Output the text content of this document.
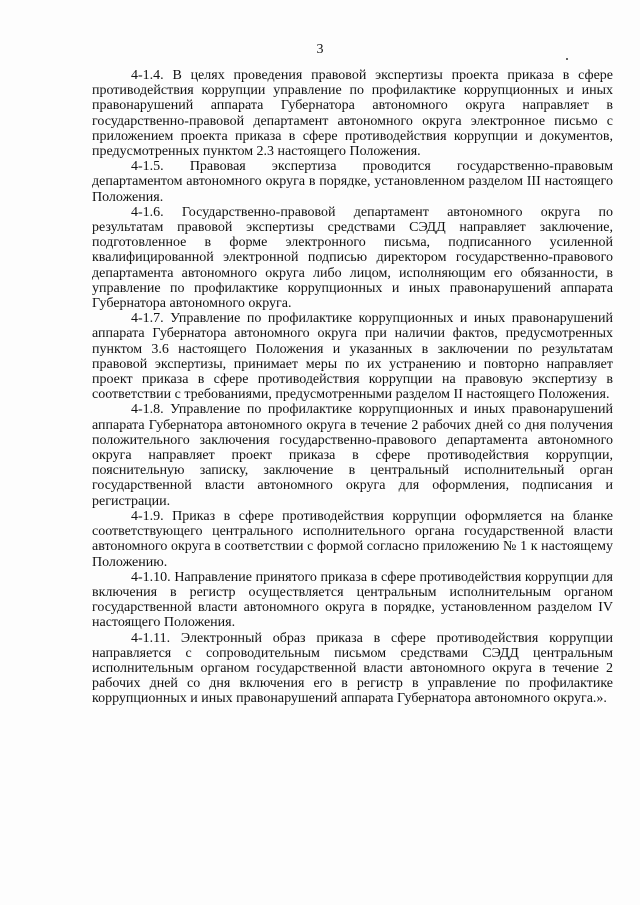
3

4-1.4. В целях проведения правовой экспертизы проекта приказа в сфере противодействия коррупции управление по профилактике коррупционных и иных правонарушений аппарата Губернатора автономного округа направляет в государственно-правовой департамент автономного округа электронное письмо с приложением проекта приказа в сфере противодействия коррупции и документов, предусмотренных пунктом 2.3 настоящего Положения.

4-1.5. Правовая экспертиза проводится государственно-правовым департаментом автономного округа в порядке, установленном разделом III настоящего Положения.

4-1.6. Государственно-правовой департамент автономного округа по результатам правовой экспертизы средствами СЭДД направляет заключение, подготовленное в форме электронного письма, подписанного усиленной квалифицированной электронной подписью директором государственно-правового департамента автономного округа либо лицом, исполняющим его обязанности, в управление по профилактике коррупционных и иных правонарушений аппарата Губернатора автономного округа.

4-1.7. Управление по профилактике коррупционных и иных правонарушений аппарата Губернатора автономного округа при наличии фактов, предусмотренных пунктом 3.6 настоящего Положения и указанных в заключении по результатам правовой экспертизы, принимает меры по их устранению и повторно направляет проект приказа в сфере противодействия коррупции на правовую экспертизу в соответствии с требованиями, предусмотренными разделом II настоящего Положения.

4-1.8. Управление по профилактике коррупционных и иных правонарушений аппарата Губернатора автономного округа в течение 2 рабочих дней со дня получения положительного заключения государственно-правового департамента автономного округа направляет проект приказа в сфере противодействия коррупции, пояснительную записку, заключение в центральный исполнительный орган государственной власти автономного округа для оформления, подписания и регистрации.

4-1.9. Приказ в сфере противодействия коррупции оформляется на бланке соответствующего центрального исполнительного органа государственной власти автономного округа в соответствии с формой согласно приложению № 1 к настоящему Положению.

4-1.10. Направление принятого приказа в сфере противодействия коррупции для включения в регистр осуществляется центральным исполнительным органом государственной власти автономного округа в порядке, установленном разделом IV настоящего Положения.

4-1.11. Электронный образ приказа в сфере противодействия коррупции направляется с сопроводительным письмом средствами СЭДД центральным исполнительным органом государственной власти автономного округа в течение 2 рабочих дней со дня включения его в регистр в управление по профилактике коррупционных и иных правонарушений аппарата Губернатора автономного округа.».
